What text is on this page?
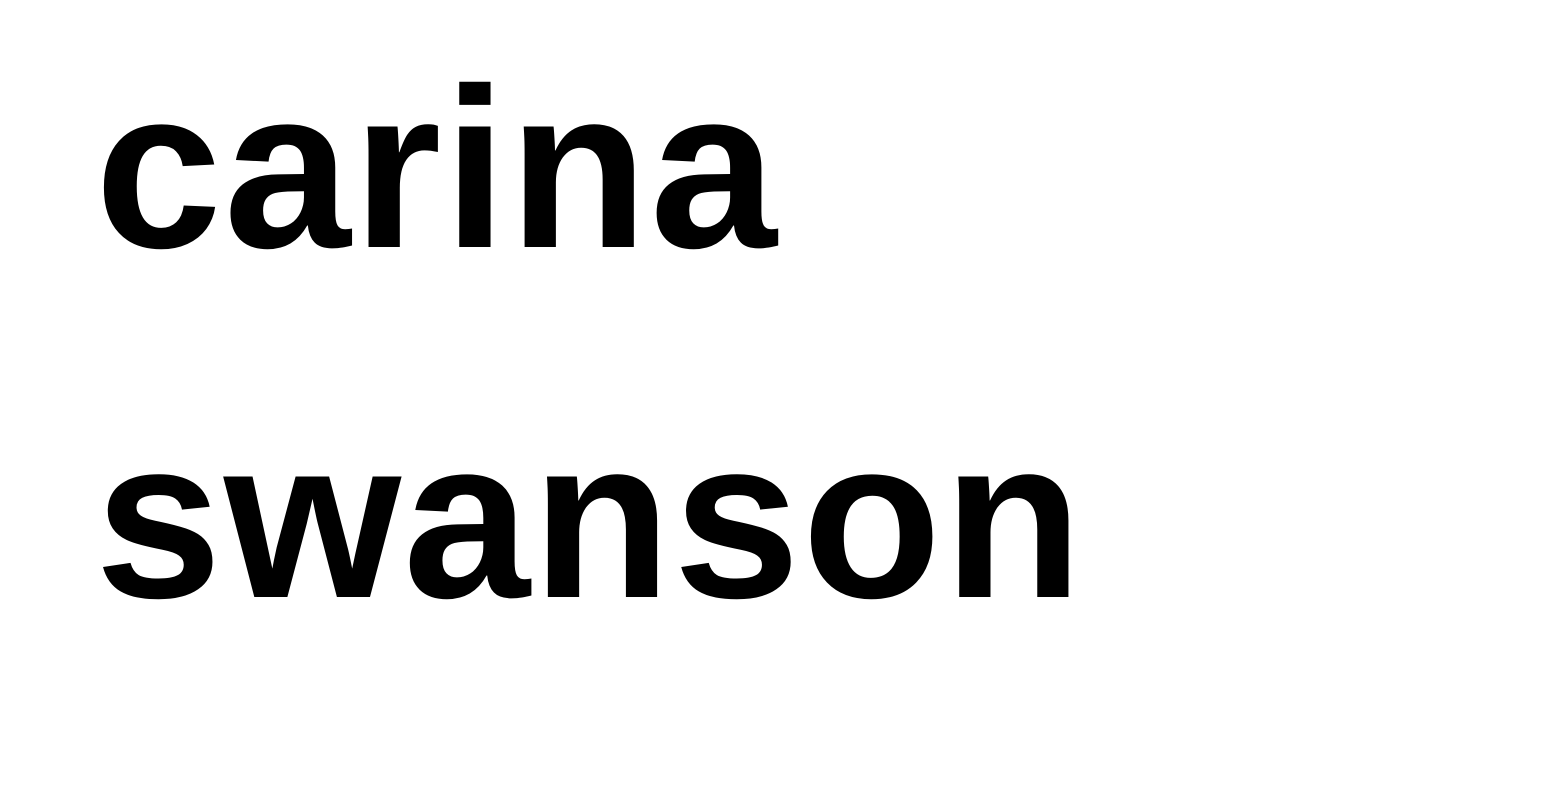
carina
swanson
